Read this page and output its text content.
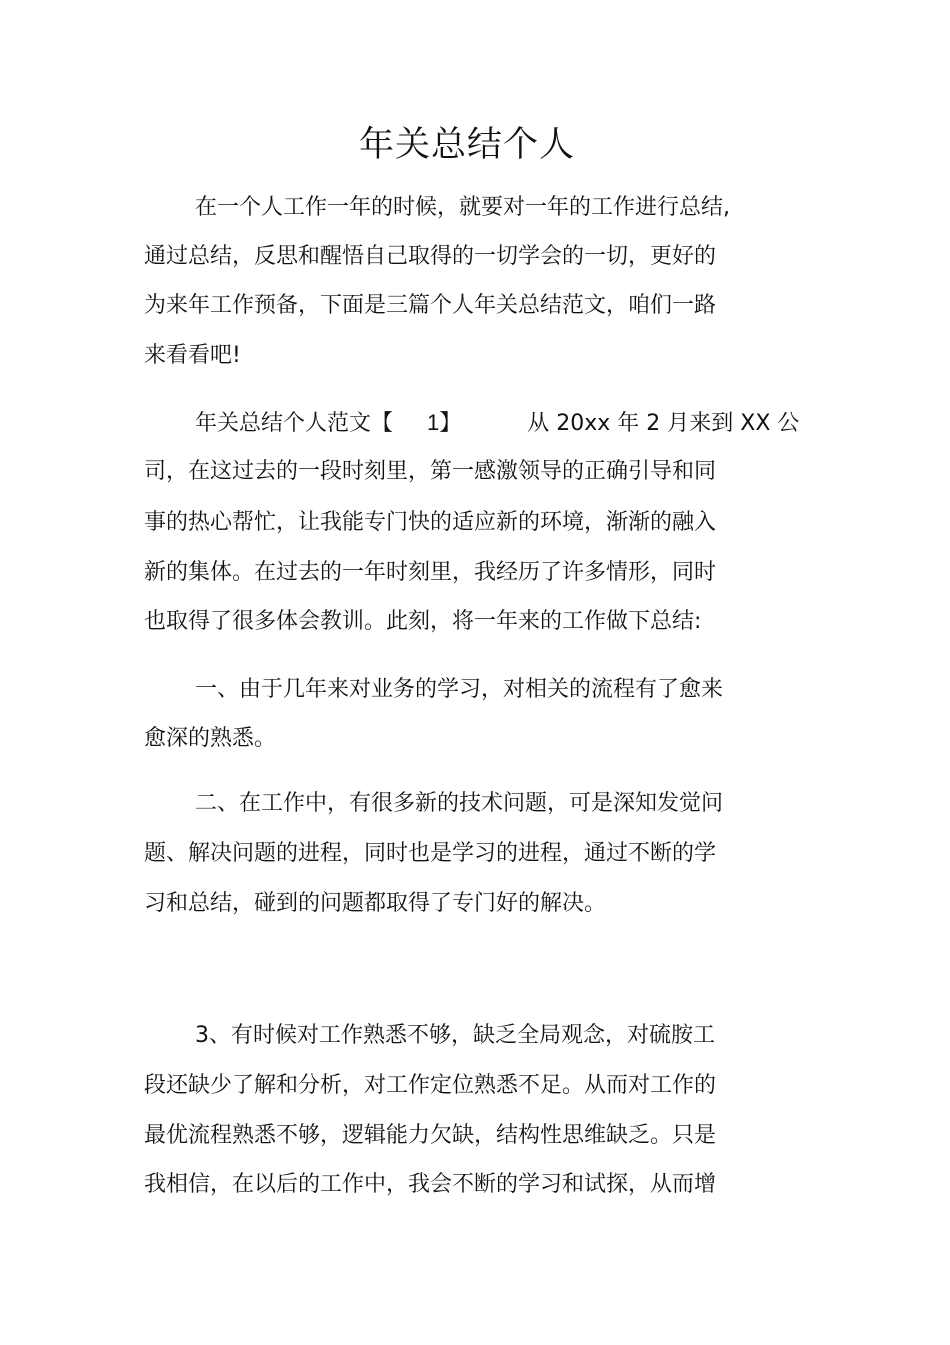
年关总结个人
在一个人工作一年的时候，就要对一年的工作进行总结,
通过总结，反思和醒悟自己取得的一切学会的一切，更好的
为来年工作预备，下面是三篇个人年关总结范文，咱们一路
来看看吧!
年关总结个人范文【 1】	从 20xx 年 2 月来到 XX 公
司，在这过去的一段时刻里，第一感激领导的正确引导和同
事的热心帮忙，让我能专门快的适应新的环境，渐渐的融入
新的集体。在过去的一年时刻里，我经历了许多情形，同时
也取得了很多体会教训。此刻，将一年来的工作做下总结:
一、由于几年来对业务的学习，对相关的流程有了愈来
愈深的熟悉。
二、在工作中，有很多新的技术问题，可是深知发觉问
题、解决问题的进程，同时也是学习的进程，通过不断的学
习和总结，碰到的问题都取得了专门好的解决。
3、有时候对工作熟悉不够，缺乏全局观念，对硫胺工
段还缺少了解和分析，对工作定位熟悉不足。从而对工作的
最优流程熟悉不够，逻辑能力欠缺，结构性思维缺乏。只是
我相信，在以后的工作中，我会不断的学习和试探，从而增
